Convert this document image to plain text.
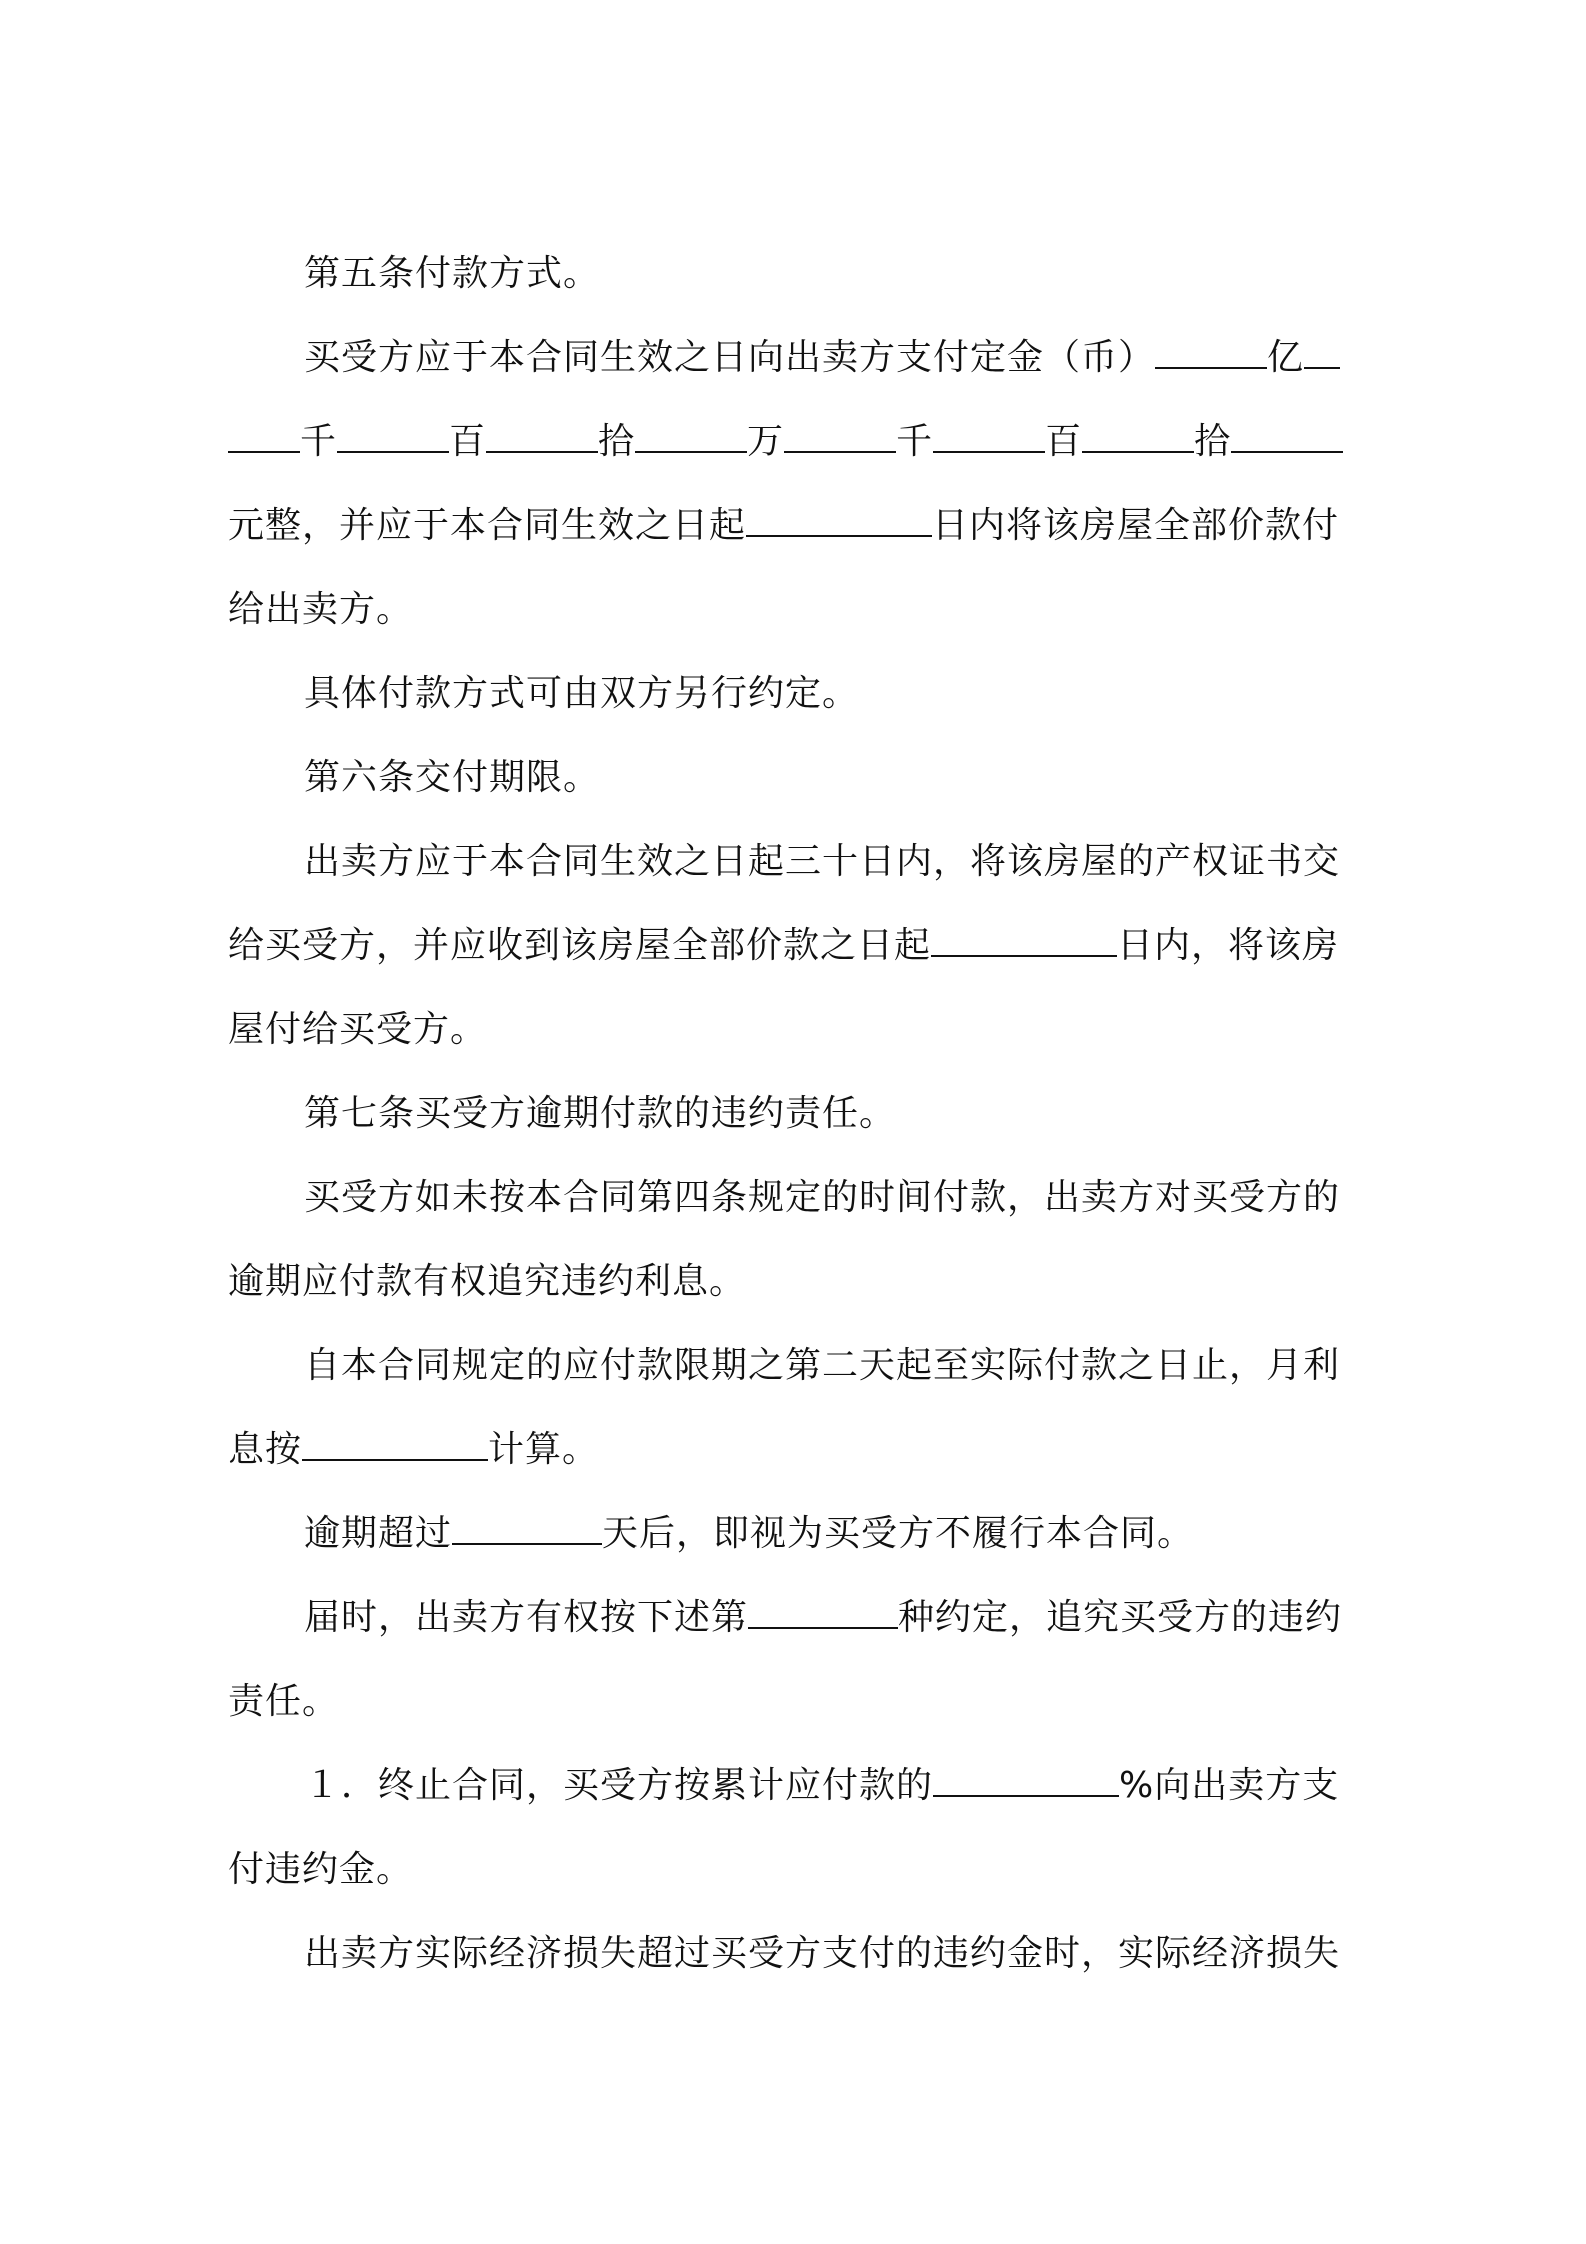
第五条付款方式。
买受方应于本合同生效之日向出卖方支付定金（币）	亿
千	百	拾	万	千	百	拾
元整，并应于本合同生效之日起	日内将该房屋全部价款付
给出卖方。
具体付款方式可由双方另行约定。
第六条交付期限。
出卖方应于本合同生效之日起三十日内，将该房屋的产权证书交
给买受方，并应收到该房屋全部价款之日起	日内，将该房
屋付给买受方。
第七条买受方逾期付款的违约责任。
买受方如未按本合同第四条规定的时间付款，出卖方对买受方的
逾期应付款有权追究违约利息。
自本合同规定的应付款限期之第二天起至实际付款之日止，月利
息按	计算。
逾期超过	天后，即视为买受方不履行本合同。
届时，出卖方有权按下述第	种约定，追究买受方的违约
责任。
１．终止合同，买受方按累计应付款的	%向出卖方支
付违约金。
出卖方实际经济损失超过买受方支付的违约金时，实际经济损失
